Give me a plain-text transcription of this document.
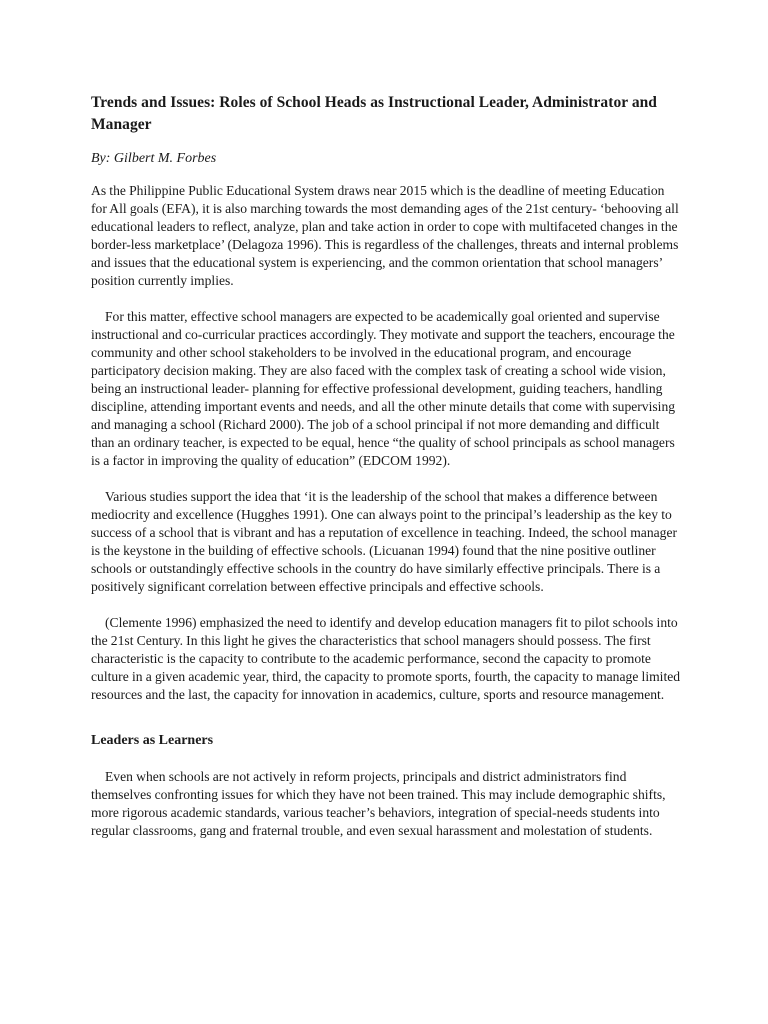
Trends and Issues: Roles of School Heads as Instructional Leader, Administrator and Manager

By: Gilbert M. Forbes

As the Philippine Public Educational System draws near 2015 which is the deadline of meeting Education for All goals (EFA), it is also marching towards the most demanding ages of the 21st century- ‘behooving all educational leaders to reflect, analyze, plan and take action in order to cope with multifaceted changes in the border-less marketplace’ (Delagoza 1996). This is regardless of the challenges, threats and internal problems and issues that the educational system is experiencing, and the common orientation that school managers’ position currently implies.

For this matter, effective school managers are expected to be academically goal oriented and supervise instructional and co-curricular practices accordingly. They motivate and support the teachers, encourage the community and other school stakeholders to be involved in the educational program, and encourage participatory decision making. They are also faced with the complex task of creating a school wide vision, being an instructional leader- planning for effective professional development, guiding teachers, handling discipline, attending important events and needs, and all the other minute details that come with supervising and managing a school (Richard 2000). The job of a school principal if not more demanding and difficult than an ordinary teacher, is expected to be equal, hence “the quality of school principals as school managers is a factor in improving the quality of education” (EDCOM 1992).

Various studies support the idea that ‘it is the leadership of the school that makes a difference between mediocrity and excellence (Hugghes 1991). One can always point to the principal’s leadership as the key to success of a school that is vibrant and has a reputation of excellence in teaching. Indeed, the school manager is the keystone in the building of effective schools. (Licuanan 1994) found that the nine positive outliner schools or outstandingly effective schools in the country do have similarly effective principals. There is a positively significant correlation between effective principals and effective schools.

(Clemente 1996) emphasized the need to identify and develop education managers fit to pilot schools into the 21st Century. In this light he gives the characteristics that school managers should possess. The first characteristic is the capacity to contribute to the academic performance, second the capacity to promote culture in a given academic year, third, the capacity to promote sports, fourth, the capacity to manage limited resources and the last, the capacity for innovation in academics, culture, sports and resource management.

Leaders as Learners

Even when schools are not actively in reform projects, principals and district administrators find themselves confronting issues for which they have not been trained. This may include demographic shifts, more rigorous academic standards, various teacher’s behaviors, integration of special-needs students into regular classrooms, gang and fraternal trouble, and even sexual harassment and molestation of students.
